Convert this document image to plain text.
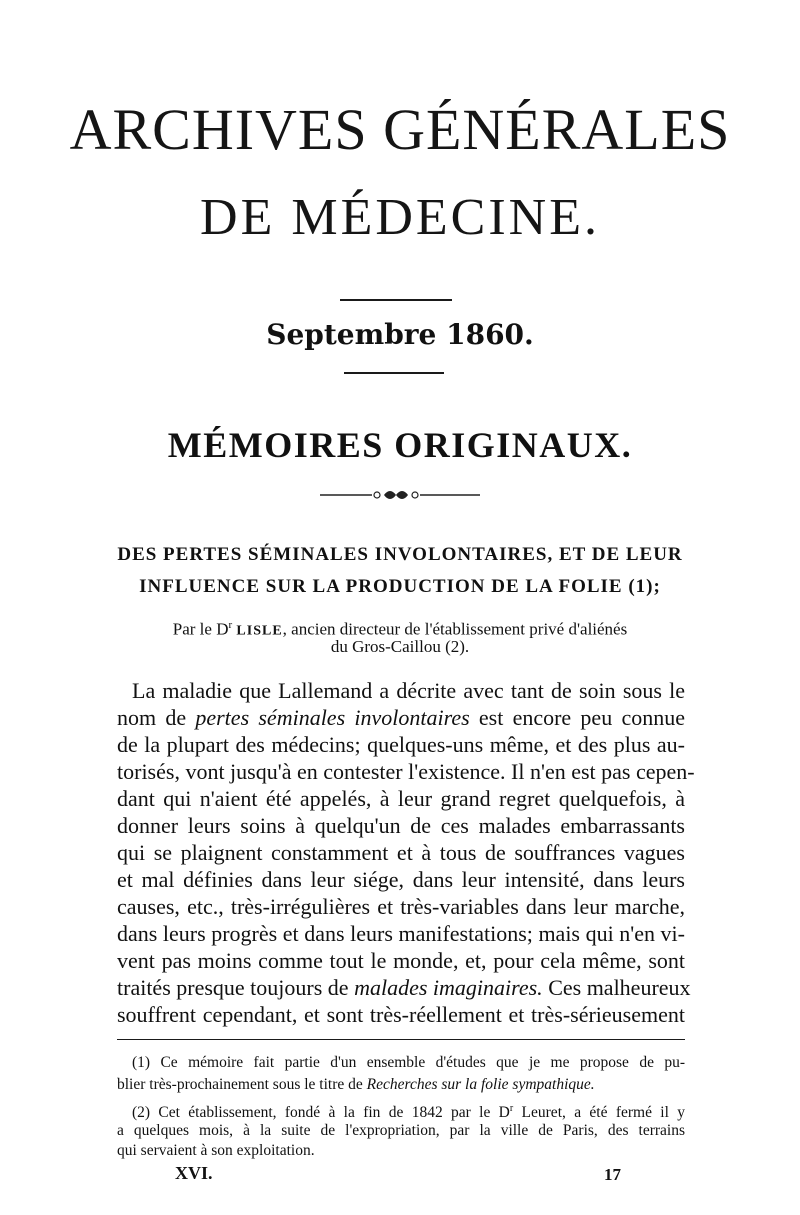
ARCHIVES GÉNÉRALES
DE MÉDECINE.
Septembre 1860.
MÉMOIRES ORIGINAUX.
DES PERTES SÉMINALES INVOLONTAIRES, ET DE LEUR
INFLUENCE SUR LA PRODUCTION DE LA FOLIE (1);
Par le $D^r$ LISLE, ancien directeur de l'établissement privé d'aliénés
du Gros-Caillou (2).
La maladie que Lallemand a décrite avec tant de soin sous le
nom de pertes séminales involontaires est encore peu connue
de la plupart des médecins; quelques-uns même, et des plus au-
torisés, vont jusqu'à en contester l'existence. Il n'en est pas cepen-
dant qui n'aient été appelés, à leur grand regret quelquefois, à
donner leurs soins à quelqu'un de ces malades embarrassants
qui se plaignent constamment et à tous de souffrances vagues
et mal définies dans leur siége, dans leur intensité, dans leurs
causes, etc., très-irrégulières et très-variables dans leur marche,
dans leurs progrès et dans leurs manifestations; mais qui n'en vi-
vent pas moins comme tout le monde, et, pour cela même, sont
traités presque toujours de malades imaginaires. Ces malheureux
souffrent cependant, et sont très-réellement et très-sérieusement
(1) Ce mémoire fait partie d'un ensemble d'études que je me propose de pu-
blier très-prochainement sous le titre de Recherches sur la folie sympathique.
(2) Cet établissement, fondé à la fin de 1842 par le $D^r$ Leuret, a été fermé il y
a quelques mois, à la suite de l'expropriation, par la ville de Paris, des terrains
qui servaient à son exploitation.
XVI.	17
